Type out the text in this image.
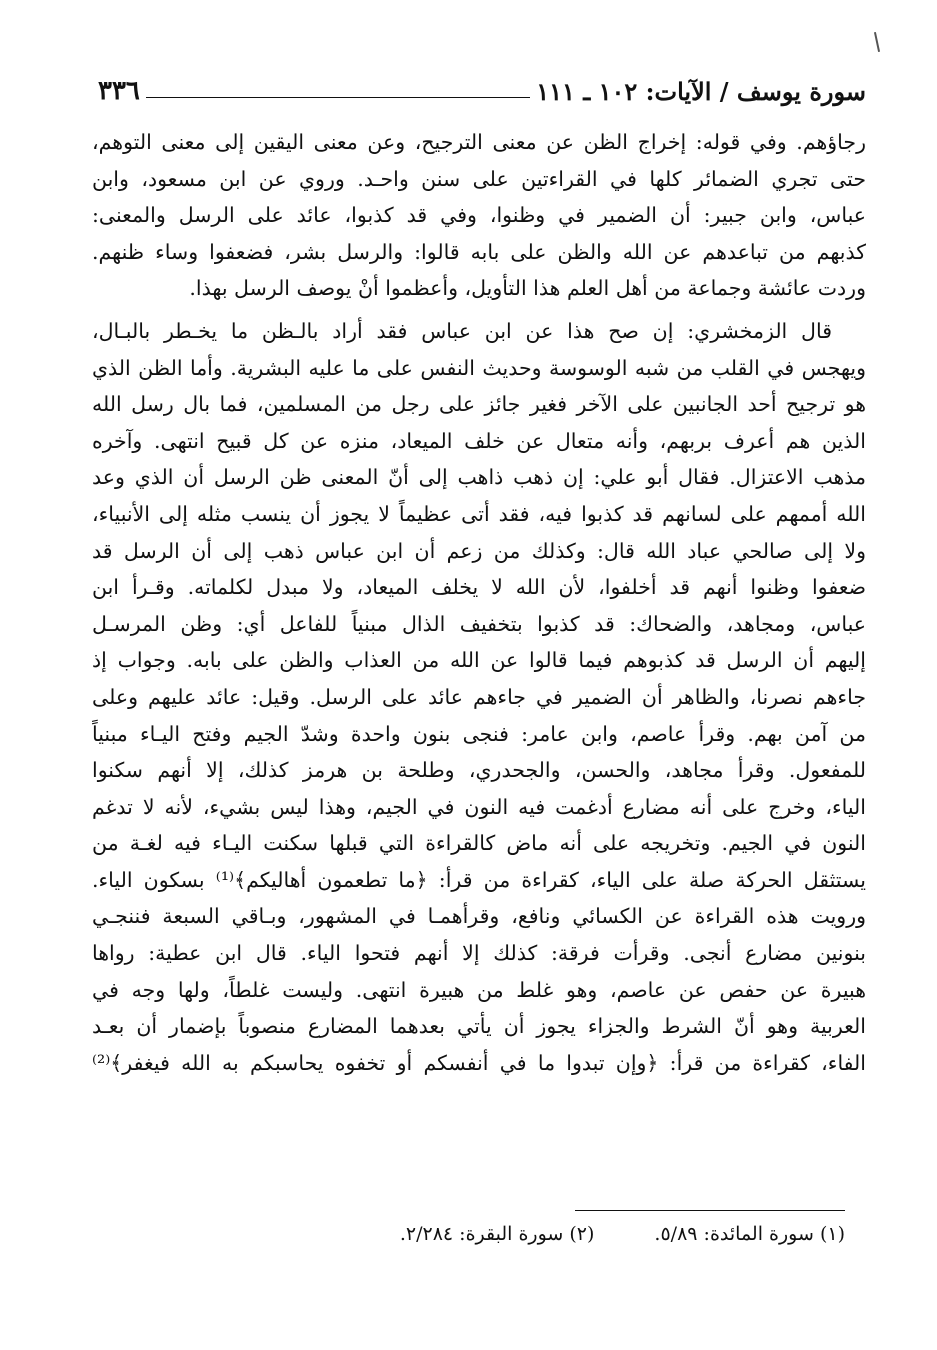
٣٣٦	سورة يوسف / الآيات: ١٠٢ ـ ١١١
رجاؤهم. وفي قوله: إخراج الظن عن معنى الترجيح، وعن معنى اليقين إلى معنى التوهم،
حتى تجري الضمائر كلها في القراءتين على سنن واحـد. وروي عن ابن مسعود، وابن
عباس، وابن جبير: أن الضمير في وظنوا، وفي قد كذبوا، عائد على الرسل والمعنى:
كذبهم من تباعدهم عن الله والظن على بابه قالوا: والرسل بشر، فضعفوا وساء ظنهم.
وردت عائشة وجماعة من أهل العلم هذا التأويل، وأعظموا أنْ يوصف الرسل بهذا.
قال الزمخشري: إن صح هذا عن ابن عباس فقد أراد بالـظن ما يخـطر بالبـال،
ويهجس في القلب من شبه الوسوسة وحديث النفس على ما عليه البشرية. وأما الظن الذي
هو ترجيح أحد الجانبين على الآخر فغير جائز على رجل من المسلمين، فما بال رسل الله
الذين هم أعرف بربهم، وأنه متعال عن خلف الميعاد، منزه عن كل قبيح انتهى. وآخره
مذهب الاعتزال. فقال أبو علي: إن ذهب ذاهب إلى أنّ المعنى ظن الرسل أن الذي وعد
الله أممهم على لسانهم قد كذبوا فيه، فقد أتى عظيماً لا يجوز أن ينسب مثله إلى الأنبياء،
ولا إلى صالحي عباد الله قال: وكذلك من زعم أن ابن عباس ذهب إلى أن الرسل قد
ضعفوا وظنوا أنهم قد أخلفوا، لأن الله لا يخلف الميعاد، ولا مبدل لكلماته. وقـرأ ابن
عباس، ومجاهد، والضحاك: قد كذبوا بتخفيف الذال مبنياً للفاعل أي: وظن المرسـل
إليهم أن الرسل قد كذبوهم فيما قالوا عن الله من العذاب والظن على بابه. وجواب إذ
جاءهم نصرنا، والظاهر أن الضمير في جاءهم عائد على الرسل. وقيل: عائد عليهم وعلى
من آمن بهم. وقرأ عاصم، وابن عامر: فنجى بنون واحدة وشدّ الجيم وفتح اليـاء مبنياً
للمفعول. وقرأ مجاهد، والحسن، والجحدري، وطلحة بن هرمز كذلك، إلا أنهم سكنوا
الياء، وخرج على أنه مضارع أدغمت فيه النون في الجيم، وهذا ليس بشيء، لأنه لا تدغم
النون في الجيم. وتخريجه على أنه ماض كالقراءة التي قبلها سكنت اليـاء فيه لغـة من
يستثقل الحركة صلة على الياء، كقراءة من قرأ: ﴿ما تطعمون أهاليكم﴾⁽¹⁾ بسكون الياء.
ورويت هذه القراءة عن الكسائي ونافع، وقرأهمـا في المشهور، وبـاقي السبعة فننجـي
بنونين مضارع أنجى. وقرأت فرقة: كذلك إلا أنهم فتحوا الياء. قال ابن عطية: رواها
هبيرة عن حفص عن عاصم، وهو غلط من هبيرة انتهى. وليست غلطاً، ولها وجه في
العربية وهو أنّ الشرط والجزاء يجوز أن يأتي بعدهما المضارع منصوباً بإضمار أن بعـد
الفاء، كقراءة من قرأ: ﴿وإن تبدوا ما في أنفسكم أو تخفوه يحاسبكم به الله فيغفر﴾⁽²⁾
(١) سورة المائدة: ٥/٨٩.
(٢) سورة البقرة: ٢/٢٨٤.
